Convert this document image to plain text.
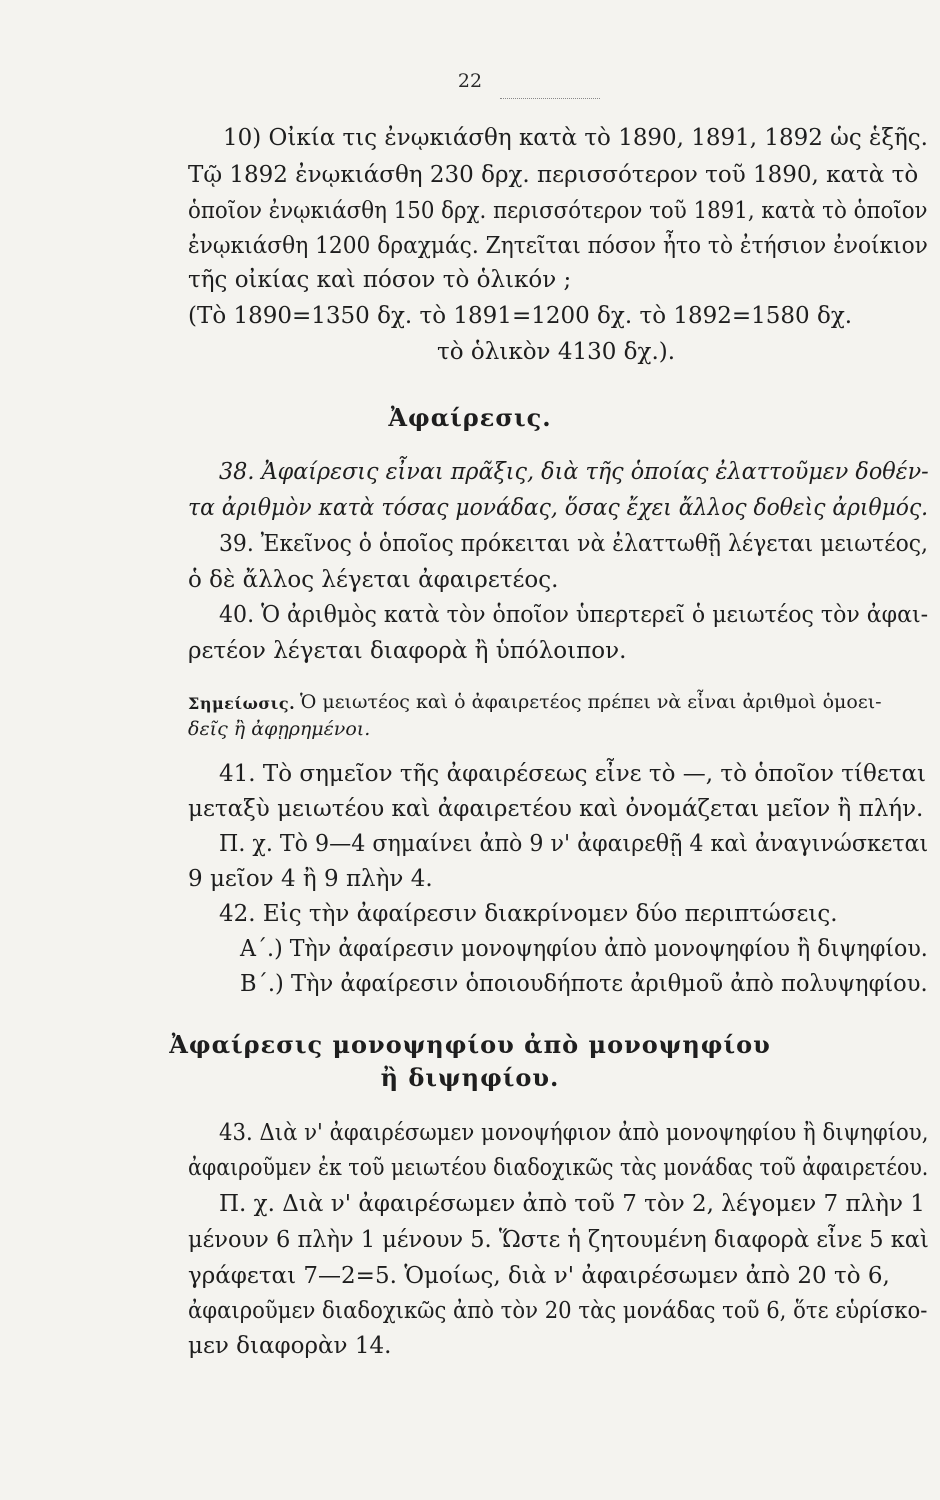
22
10) Οἰκία τις ἐνῳκιάσθη κατὰ τὸ 1890, 1891, 1892 ὡς ἑξῆς.
Τῷ 1892 ἐνῳκιάσθη 230 δρχ. περισσότερον τοῦ 1890, κατὰ τὸ
ὁποῖον ἐνῳκιάσθη 150 δρχ. περισσότερον τοῦ 1891, κατὰ τὸ ὁποῖον
ἐνῳκιάσθη 1200 δραχμάς. Ζητεῖται πόσον ἦτο τὸ ἐτήσιον ἐνοίκιον
τῆς οἰκίας καὶ πόσον τὸ ὁλικόν ;
(Τὸ 1890=1350 δχ. τὸ 1891=1200 δχ. τὸ 1892=1580 δχ.
τὸ ὁλικὸν 4130 δχ.).
Ἀφαίρεσις.
38. Ἀφαίρεσις εἶναι πρᾶξις, διὰ τῆς ὁποίας ἐλαττοῦμεν δοθέν-
τα ἀριθμὸν κατὰ τόσας μονάδας, ὅσας ἔχει ἄλλος δοθεὶς ἀριθμός.
39. Ἐκεῖνος ὁ ὁποῖος πρόκειται νὰ ἐλαττωθῇ λέγεται μειωτέος,
ὁ δὲ ἄλλος λέγεται ἀφαιρετέος.
40. Ὁ ἀριθμὸς κατὰ τὸν ὁποῖον ὑπερτερεῖ ὁ μειωτέος τὸν ἀφαι-
ρετέον λέγεται διαφορὰ ἢ ὑπόλοιπον.
Σημείωσις. Ὁ μειωτέος καὶ ὁ ἀφαιρετέος πρέπει νὰ εἶναι ἀριθμοὶ ὁμοει-
δεῖς ἢ ἀφῃρημένοι.
41. Τὸ σημεῖον τῆς ἀφαιρέσεως εἶνε τὸ —, τὸ ὁποῖον τίθεται
μεταξὺ μειωτέου καὶ ἀφαιρετέου καὶ ὀνομάζεται μεῖον ἢ πλήν.
Π. χ. Τὸ 9—4 σημαίνει ἀπὸ 9 ν' ἀφαιρεθῇ 4 καὶ ἀναγινώσκεται
9 μεῖον 4 ἢ 9 πλὴν 4.
42. Εἰς τὴν ἀφαίρεσιν διακρίνομεν δύο περιπτώσεις.
Α΄.) Τὴν ἀφαίρεσιν μονοψηφίου ἀπὸ μονοψηφίου ἢ διψηφίου.
Β΄.) Τὴν ἀφαίρεσιν ὁποιουδήποτε ἀριθμοῦ ἀπὸ πολυψηφίου.
Ἀφαίρεσις μονοψηφίου ἀπὸ μονοψηφίου
ἢ διψηφίου.
43. Διὰ ν' ἀφαιρέσωμεν μονοψήφιον ἀπὸ μονοψηφίου ἢ διψηφίου,
ἀφαιροῦμεν ἐκ τοῦ μειωτέου διαδοχικῶς τὰς μονάδας τοῦ ἀφαιρετέου.
Π. χ. Διὰ ν' ἀφαιρέσωμεν ἀπὸ τοῦ 7 τὸν 2, λέγομεν 7 πλὴν 1
μένουν 6 πλὴν 1 μένουν 5. Ὥστε ἡ ζητουμένη διαφορὰ εἶνε 5 καὶ
γράφεται 7—2=5. Ὁμοίως, διὰ ν' ἀφαιρέσωμεν ἀπὸ 20 τὸ 6,
ἀφαιροῦμεν διαδοχικῶς ἀπὸ τὸν 20 τὰς μονάδας τοῦ 6, ὅτε εὑρίσκο-
μεν διαφορὰν 14.
